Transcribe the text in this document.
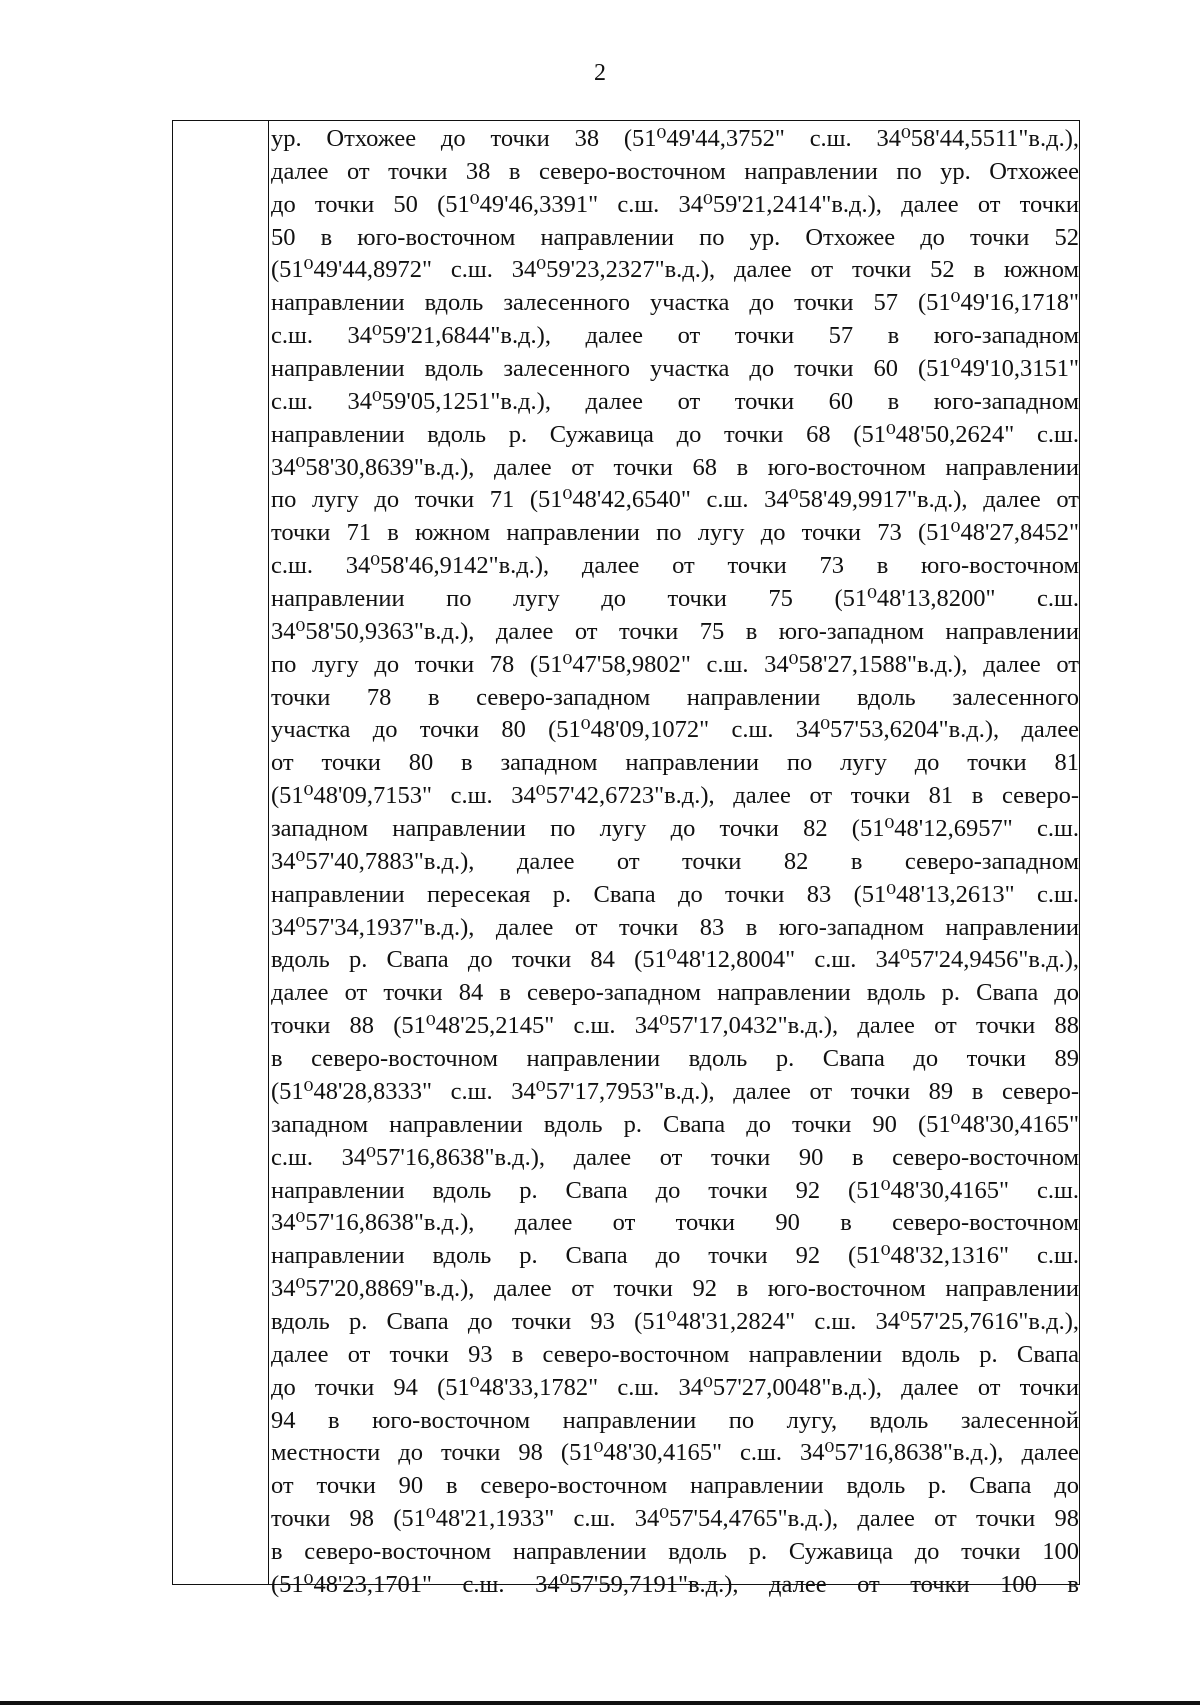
2
ур. Отхожее до точки 38 (51⁰49'44,3752" с.ш. 34⁰58'44,5511"в.д.),
далее от точки 38 в северо-восточном направлении по ур. Отхожее
до точки 50 (51⁰49'46,3391" с.ш. 34⁰59'21,2414"в.д.), далее от точки
50 в юго-восточном направлении по ур. Отхожее до точки 52
(51⁰49'44,8972" с.ш. 34⁰59'23,2327"в.д.), далее от точки 52 в южном
направлении вдоль залесенного участка до точки 57 (51⁰49'16,1718"
с.ш. 34⁰59'21,6844"в.д.), далее от точки 57 в юго-западном
направлении вдоль залесенного участка до точки 60 (51⁰49'10,3151"
с.ш. 34⁰59'05,1251"в.д.), далее от точки 60 в юго-западном
направлении вдоль р. Сужавица до точки 68 (51⁰48'50,2624" с.ш.
34⁰58'30,8639"в.д.), далее от точки 68 в юго-восточном направлении
по лугу до точки 71 (51⁰48'42,6540" с.ш. 34⁰58'49,9917"в.д.), далее от
точки 71 в южном направлении по лугу до точки 73 (51⁰48'27,8452"
с.ш. 34⁰58'46,9142"в.д.), далее от точки 73 в юго-восточном
направлении по лугу до точки 75 (51⁰48'13,8200" с.ш.
34⁰58'50,9363"в.д.), далее от точки 75 в юго-западном направлении
по лугу до точки 78 (51⁰47'58,9802" с.ш. 34⁰58'27,1588"в.д.), далее от
точки 78 в северо-западном направлении вдоль залесенного
участка до точки 80 (51⁰48'09,1072" с.ш. 34⁰57'53,6204"в.д.), далее
от точки 80 в западном направлении по лугу до точки 81
(51⁰48'09,7153" с.ш. 34⁰57'42,6723"в.д.), далее от точки 81 в северо-
западном направлении по лугу до точки 82 (51⁰48'12,6957" с.ш.
34⁰57'40,7883"в.д.), далее от точки 82 в северо-западном
направлении пересекая р. Свапа до точки 83 (51⁰48'13,2613" с.ш.
34⁰57'34,1937"в.д.), далее от точки 83 в юго-западном направлении
вдоль р. Свапа до точки 84 (51⁰48'12,8004" с.ш. 34⁰57'24,9456"в.д.),
далее от точки 84 в северо-западном направлении вдоль р. Свапа до
точки 88 (51⁰48'25,2145" с.ш. 34⁰57'17,0432"в.д.), далее от точки 88
в северо-восточном направлении вдоль р. Свапа до точки 89
(51⁰48'28,8333" с.ш. 34⁰57'17,7953"в.д.), далее от точки 89 в северо-
западном направлении вдоль р. Свапа до точки 90 (51⁰48'30,4165"
с.ш. 34⁰57'16,8638"в.д.), далее от точки 90 в северо-восточном
направлении вдоль р. Свапа до точки 92 (51⁰48'30,4165" с.ш.
34⁰57'16,8638"в.д.), далее от точки 90 в северо-восточном
направлении вдоль р. Свапа до точки 92 (51⁰48'32,1316" с.ш.
34⁰57'20,8869"в.д.), далее от точки 92 в юго-восточном направлении
вдоль р. Свапа до точки 93 (51⁰48'31,2824" с.ш. 34⁰57'25,7616"в.д.),
далее от точки 93 в северо-восточном направлении вдоль р. Свапа
до точки 94 (51⁰48'33,1782" с.ш. 34⁰57'27,0048"в.д.), далее от точки
94 в юго-восточном направлении по лугу, вдоль залесенной
местности до точки 98 (51⁰48'30,4165" с.ш. 34⁰57'16,8638"в.д.), далее
от точки 90 в северо-восточном направлении вдоль р. Свапа до
точки 98 (51⁰48'21,1933" с.ш. 34⁰57'54,4765"в.д.), далее от точки 98
в северо-восточном направлении вдоль р. Сужавица до точки 100
(51⁰48'23,1701" с.ш. 34⁰57'59,7191"в.д.), далее от точки 100 в
